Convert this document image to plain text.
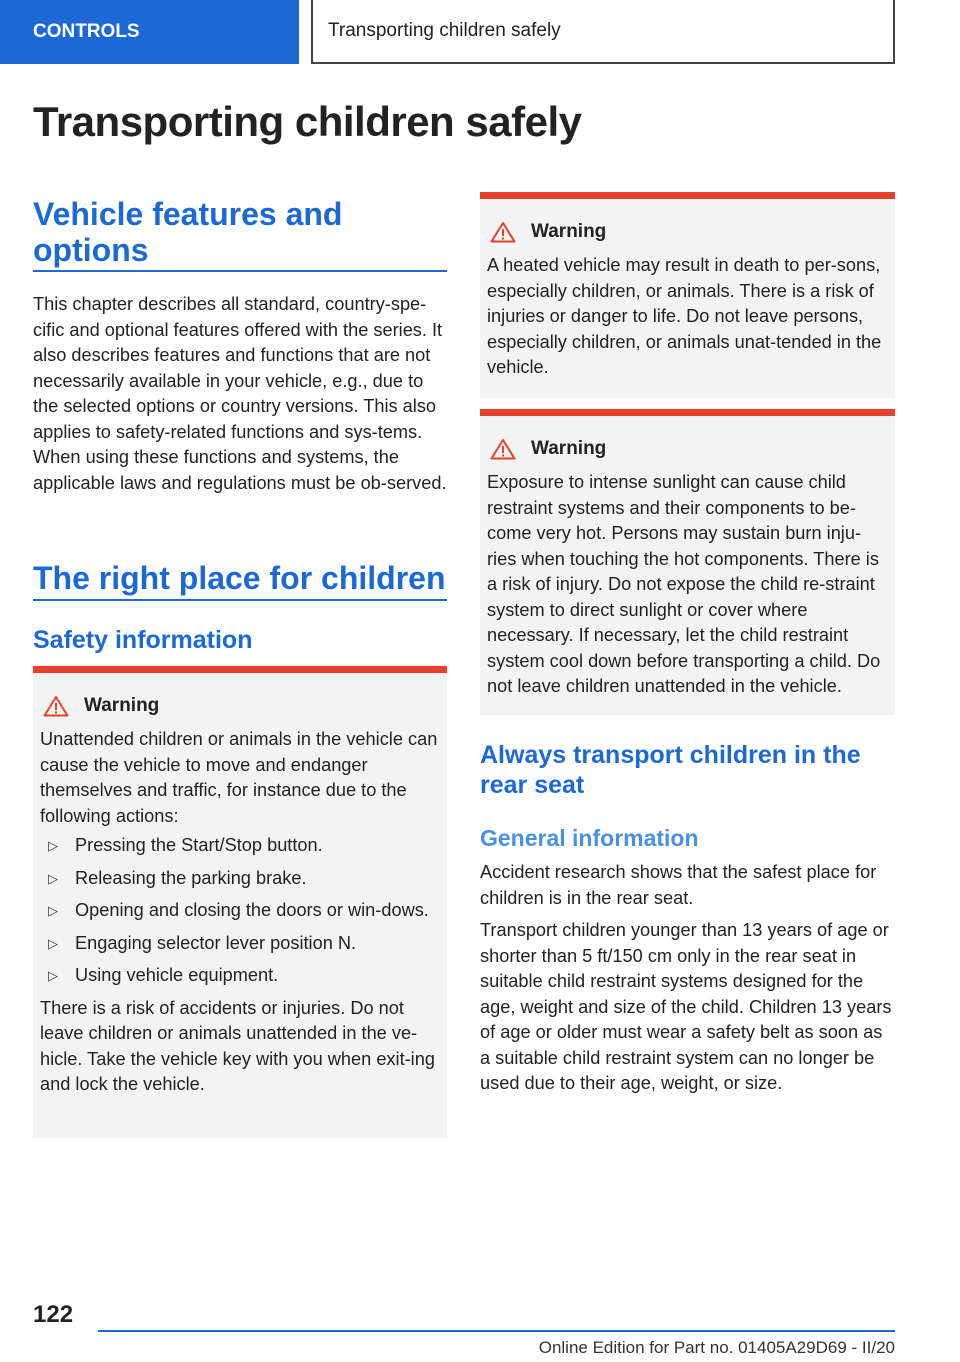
CONTROLS	Transporting children safely
Transporting children safely
Vehicle features and options

This chapter describes all standard, country-spe-cific and optional features offered with the series. It also describes features and functions that are not necessarily available in your vehicle, e.g., due to the selected options or country versions. This also applies to safety-related functions and sys-tems. When using these functions and systems, the applicable laws and regulations must be ob-served.

The right place for children
Safety information
Warning

Unattended children or animals in the vehicle can cause the vehicle to move and endanger themselves and traffic, for instance due to the following actions:

▷ Pressing the Start/Stop button.
▷ Releasing the parking brake.
▷ Opening and closing the doors or win-dows.
▷ Engaging selector lever position N.
▷ Using vehicle equipment.

There is a risk of accidents or injuries. Do not leave children or animals unattended in the ve-hicle. Take the vehicle key with you when exit-ing and lock the vehicle.

Warning

A heated vehicle may result in death to per-sons, especially children, or animals. There is a risk of injuries or danger to life. Do not leave persons, especially children, or animals unat-tended in the vehicle.

Warning

Exposure to intense sunlight can cause child restraint systems and their components to be-come very hot. Persons may sustain burn inju-ries when touching the hot components. There is a risk of injury. Do not expose the child re-straint system to direct sunlight or cover where necessary. If necessary, let the child restraint system cool down before transporting a child. Do not leave children unattended in the vehicle.

Always transport children in the rear seat
General information

Accident research shows that the safest place for children is in the rear seat.

Transport children younger than 13 years of age or shorter than 5 ft/150 cm only in the rear seat in suitable child restraint systems designed for the age, weight and size of the child. Children 13 years of age or older must wear a safety belt as soon as a suitable child restraint system can no longer be used due to their age, weight, or size.

122
Online Edition for Part no. 01405A29D69 - II/20
